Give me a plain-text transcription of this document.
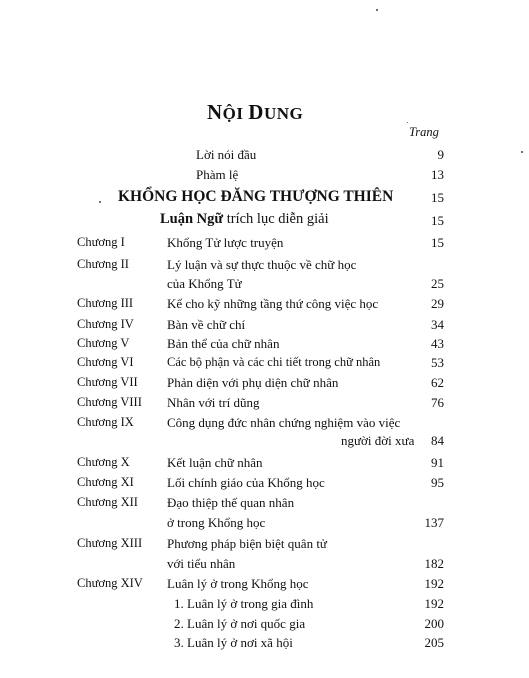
NỘI DUNG
Trang
Lời nói đầu	9
Phàm lệ	13
KHỔNG HỌC ĐĂNG THƯỢNG THIÊN	15
Luận Ngữ trích lục diễn giải	15
Chương I	Khổng Tử lược truyện	15
Chương II	Lý luận và sự thực thuộc về chữ học
của Khổng Tử	25
Chương III	Kể cho kỹ những tầng thứ công việc học	29
Chương IV	Bàn về chữ chí	34
Chương V	Bản thể của chữ nhân	43
Chương VI	Các bộ phận và các chi tiết trong chữ nhân	53
Chương VII Phản diện với phụ diện chữ nhân	62
Chương VIII Nhân với trí dũng	76
Chương IX	Công dụng đức nhân chứng nghiệm vào việc
người đời xưa	84
Chương X	Kết luận chữ nhân	91
Chương XI	Lối chính giáo của Khổng học	95
Chương XII Đạo thiệp thế quan nhân
ở trong Khổng học	137
Chương XIII Phương pháp biện biệt quân tử
với tiểu nhân	182
Chương XIV Luân lý ở trong Khổng học	192
1. Luân lý ở trong gia đình	192
2. Luân lý ở nơi quốc gia	200
3. Luân lý ở nơi xã hội	205
